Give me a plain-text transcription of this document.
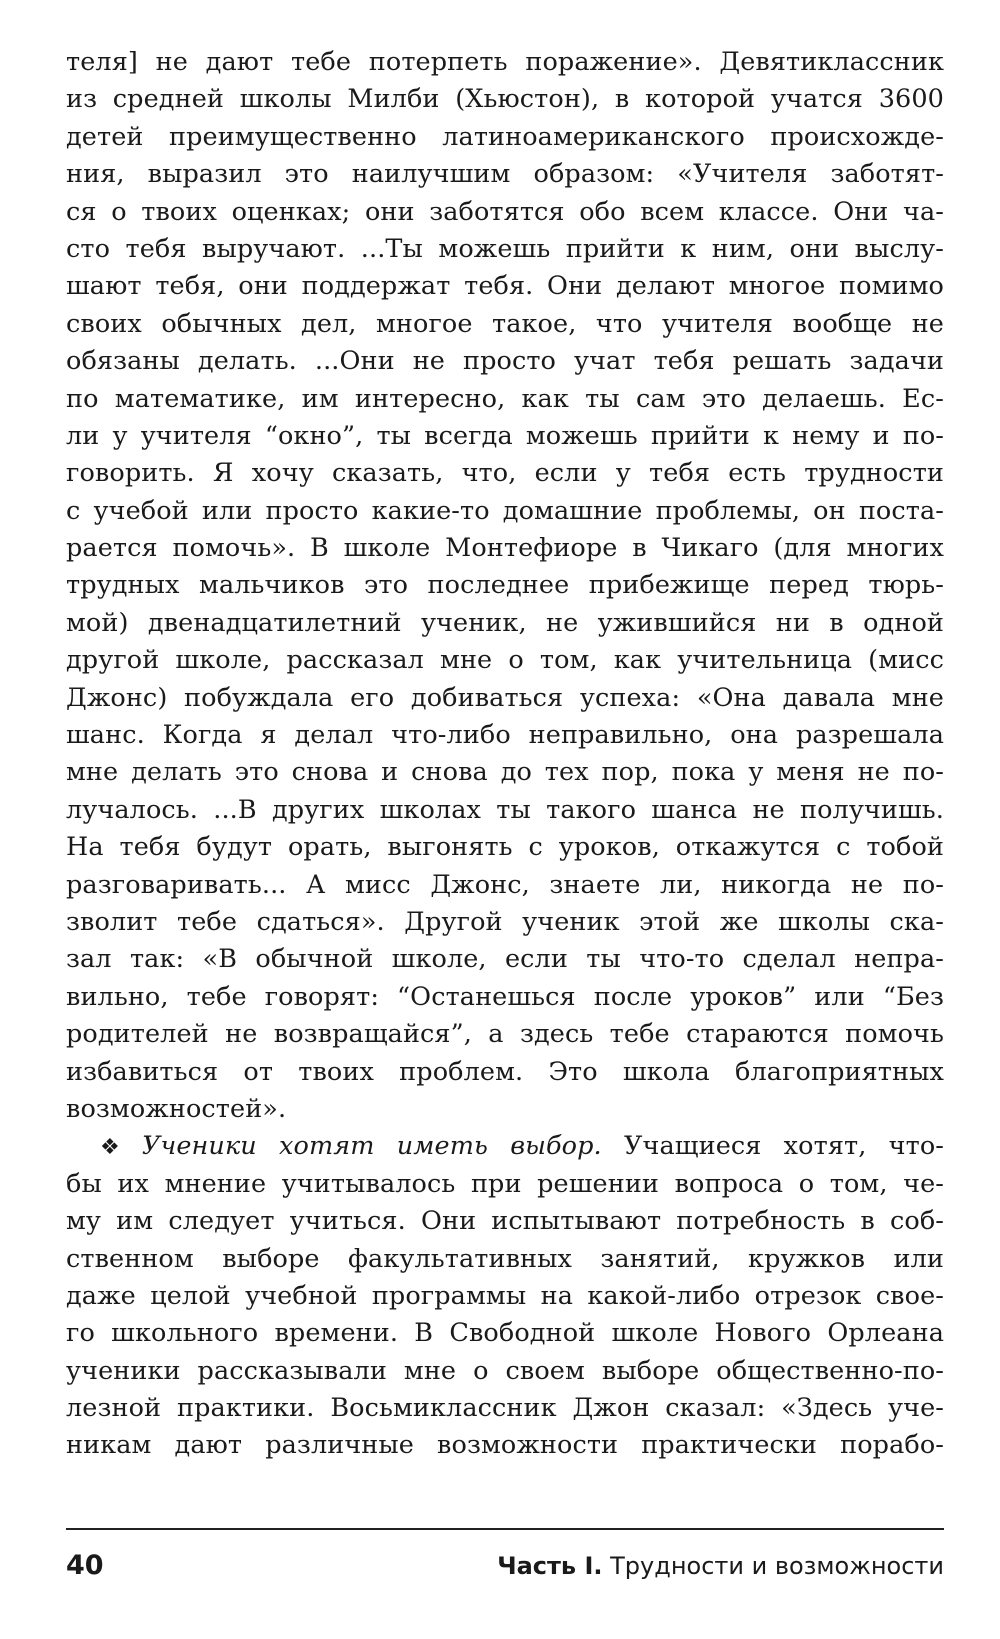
теля] не дают тебе потерпеть поражение». Девятиклассник
из средней школы Милби (Хьюстон), в которой учатся 3600
детей преимущественно латиноамериканского происхожде-
ния, выразил это наилучшим образом: «Учителя заботят-
ся о твоих оценках; они заботятся обо всем классе. Они ча-
сто тебя выручают. ...Ты можешь прийти к ним, они выслу-
шают тебя, они поддержат тебя. Они делают многое помимо
своих обычных дел, многое такое, что учителя вообще не
обязаны делать. ...Они не просто учат тебя решать задачи
по математике, им интересно, как ты сам это делаешь. Ес-
ли у учителя “окно”, ты всегда можешь прийти к нему и по-
говорить. Я хочу сказать, что, если у тебя есть трудности
с учебой или просто какие-то домашние проблемы, он поста-
рается помочь». В школе Монтефиоре в Чикаго (для многих
трудных мальчиков это последнее прибежище перед тюрь-
мой) двенадцатилетний ученик, не ужившийся ни в одной
другой школе, рассказал мне о том, как учительница (мисс
Джонс) побуждала его добиваться успеха: «Она давала мне
шанс. Когда я делал что-либо неправильно, она разрешала
мне делать это снова и снова до тех пор, пока у меня не по-
лучалось. ...В других школах ты такого шанса не получишь.
На тебя будут орать, выгонять с уроков, откажутся с тобой
разговаривать... А мисс Джонс, знаете ли, никогда не по-
зволит тебе сдаться». Другой ученик этой же школы ска-
зал так: «В обычной школе, если ты что-то сделал непра-
вильно, тебе говорят: “Останешься после уроков” или “Без
родителей не возвращайся”, а здесь тебе стараются помочь
избавиться от твоих проблем. Это школа благоприятных
возможностей».
❖ Ученики хотят иметь выбор. Учащиеся хотят, что-
бы их мнение учитывалось при решении вопроса о том, че-
му им следует учиться. Они испытывают потребность в соб-
ственном выборе факультативных занятий, кружков или
даже целой учебной программы на какой-либо отрезок свое-
го школьного времени. В Свободной школе Нового Орлеана
ученики рассказывали мне о своем выборе общественно-по-
лезной практики. Восьмиклассник Джон сказал: «Здесь уче-
никам дают различные возможности практически порабо-
40	Часть I. Трудности и возможности
